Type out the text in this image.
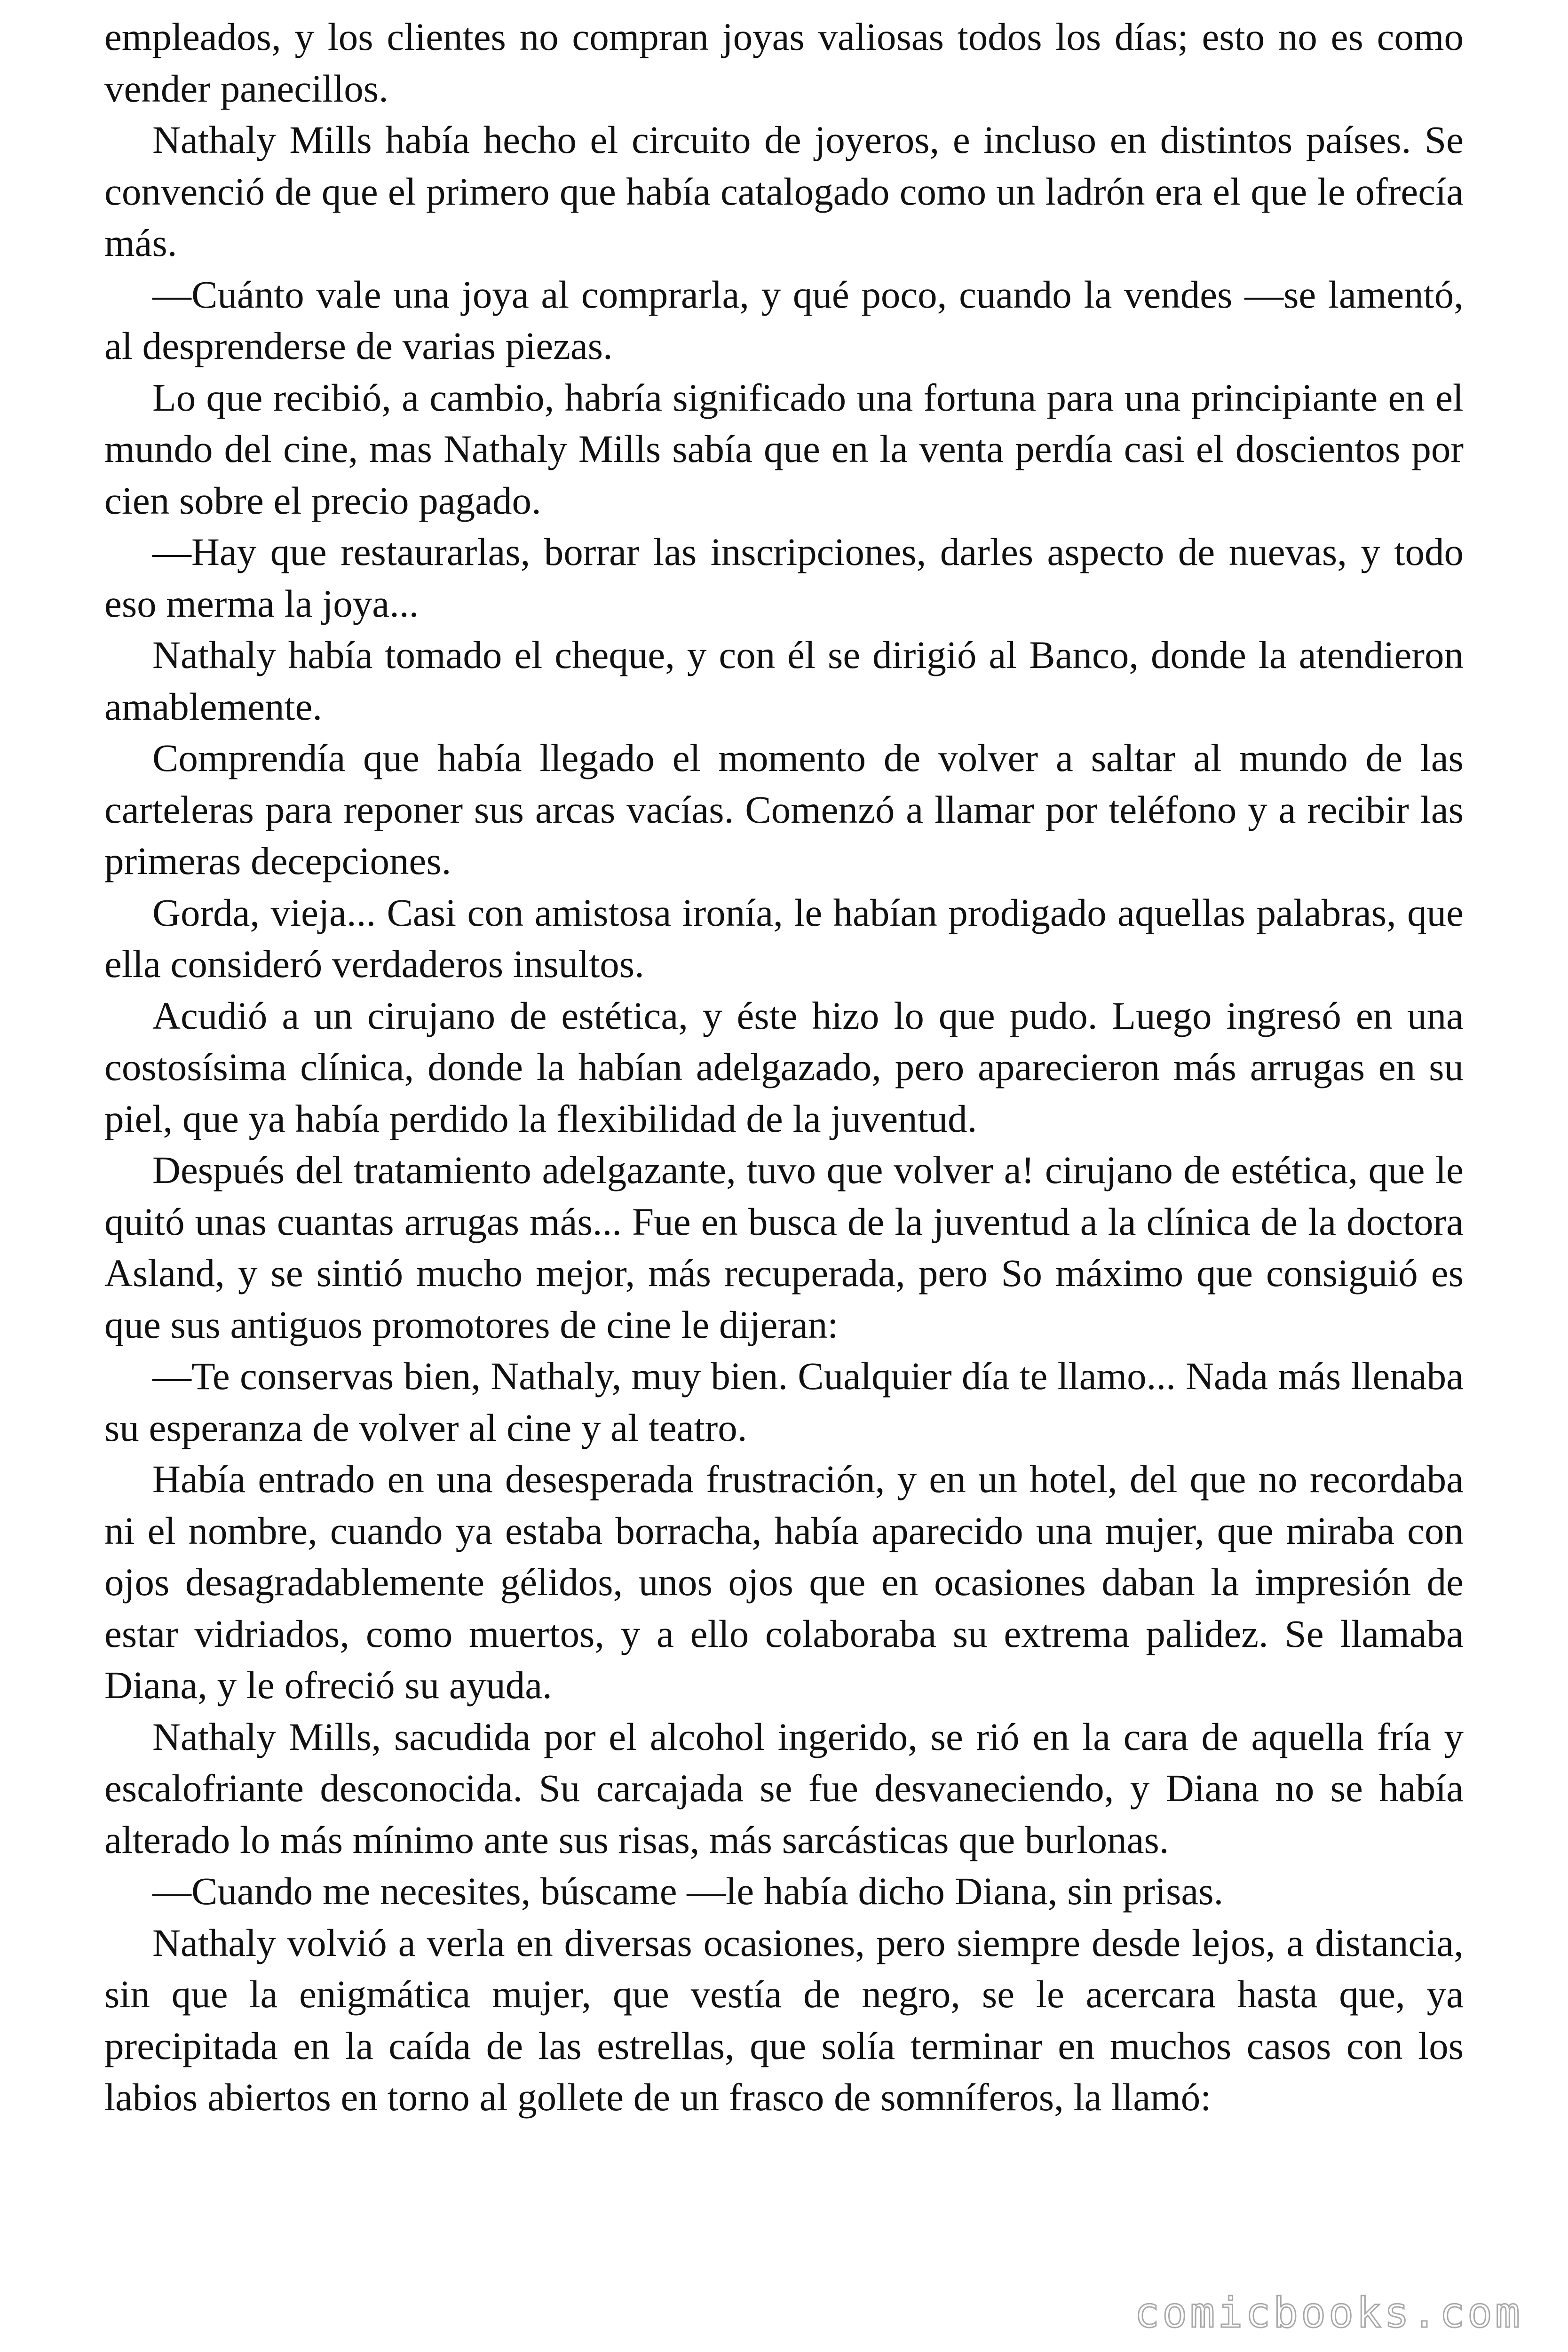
empleados, y los clientes no compran joyas valiosas todos los días; esto no es como vender panecillos.

Nathaly Mills había hecho el circuito de joyeros, e incluso en distintos países. Se convenció de que el primero que había catalogado como un ladrón era el que le ofrecía más.

—Cuánto vale una joya al comprarla, y qué poco, cuando la vendes —se lamentó, al desprenderse de varias piezas.

Lo que recibió, a cambio, habría significado una fortuna para una principiante en el mundo del cine, mas Nathaly Mills sabía que en la venta perdía casi el doscientos por cien sobre el precio pagado.

—Hay que restaurarlas, borrar las inscripciones, darles aspecto de nuevas, y todo eso merma la joya...

Nathaly había tomado el cheque, y con él se dirigió al Banco, donde la atendieron amablemente.

Comprendía que había llegado el momento de volver a saltar al mundo de las carteleras para reponer sus arcas vacías. Comenzó a llamar por teléfono y a recibir las primeras decepciones.

Gorda, vieja... Casi con amistosa ironía, le habían prodigado aquellas palabras, que ella consideró verdaderos insultos.

Acudió a un cirujano de estética, y éste hizo lo que pudo. Luego ingresó en una costosísima clínica, donde la habían adelgazado, pero aparecieron más arrugas en su piel, que ya había perdido la flexibilidad de la juventud.

Después del tratamiento adelgazante, tuvo que volver a! cirujano de estética, que le quitó unas cuantas arrugas más... Fue en busca de la juventud a la clínica de la doctora Asland, y se sintió mucho mejor, más recuperada, pero So máximo que consiguió es que sus antiguos promotores de cine le dijeran:

—Te conservas bien, Nathaly, muy bien. Cualquier día te llamo... Nada más llenaba su esperanza de volver al cine y al teatro.

Había entrado en una desesperada frustración, y en un hotel, del que no recordaba ni el nombre, cuando ya estaba borracha, había aparecido una mujer, que miraba con ojos desagradablemente gélidos, unos ojos que en ocasiones daban la impresión de estar vidriados, como muertos, y a ello colaboraba su extrema palidez. Se llamaba Diana, y le ofreció su ayuda.

Nathaly Mills, sacudida por el alcohol ingerido, se rió en la cara de aquella fría y escalofriante desconocida. Su carcajada se fue desvaneciendo, y Diana no se había alterado lo más mínimo ante sus risas, más sarcásticas que burlonas.

—Cuando me necesites, búscame —le había dicho Diana, sin prisas.

Nathaly volvió a verla en diversas ocasiones, pero siempre desde lejos, a distancia, sin que la enigmática mujer, que vestía de negro, se le acercara hasta que, ya precipitada en la caída de las estrellas, que solía terminar en muchos casos con los labios abiertos en torno al gollete de un frasco de somníferos, la llamó:

comicbooks.com
